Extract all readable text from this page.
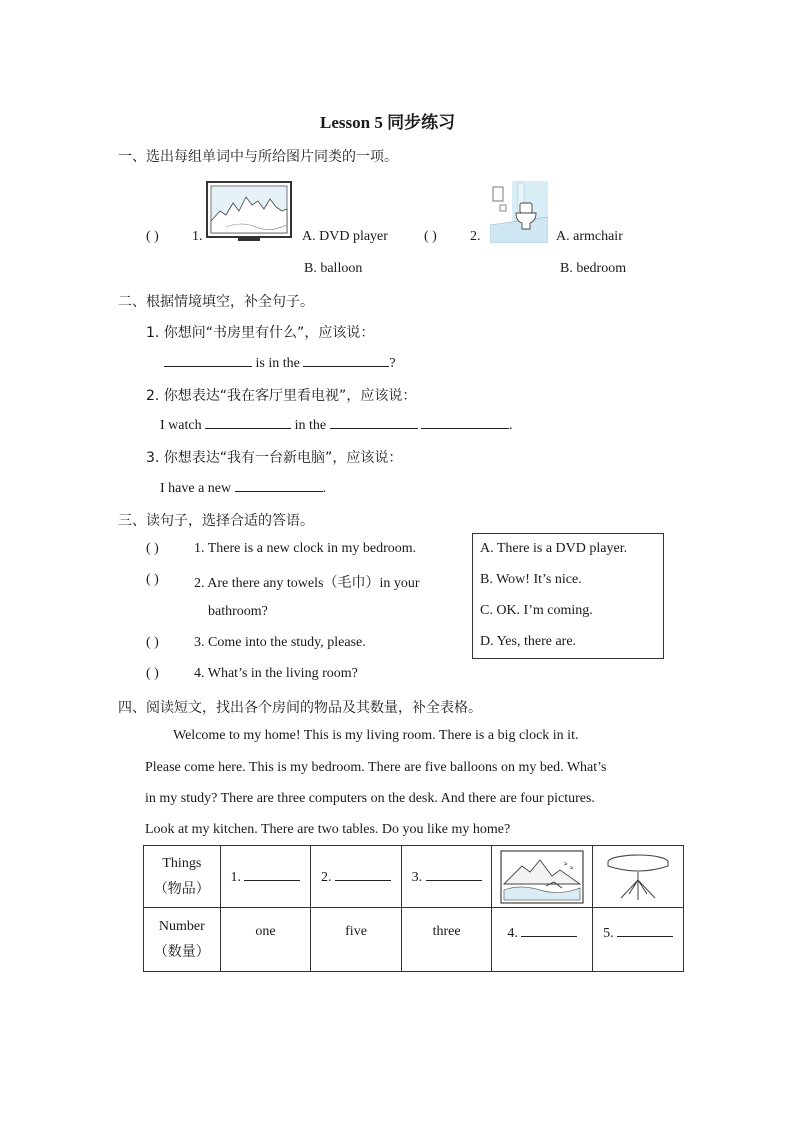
Lesson 5 同步练习
一、选出每组单词中与所给图片同类的一项。
( ) 1.	A. DVD player
B. balloon
( ) 2.	A. armchair
B. bedroom
二、根据情境填空，补全句子。
1. 你想问“书房里有什么”，应该说：
is in the	?
2. 你想表达“我在客厅里看电视”，应该说：
I watch	in the	.
3. 你想表达“我有一台新电脑”，应该说：
I have a new	.
三、读句子，选择合适的答语。
( )	1. There is a new clock in my bedroom.
( )	2. Are there any towels（毛巾）in your
bathroom?
( )	3. Come into the study, please.
( )	4. What’s in the living room?
A. There is a DVD player.
B. Wow! It’s nice.
C. OK. I’m coming.
D. Yes, there are.
四、阅读短文，找出各个房间的物品及其数量，补全表格。
Welcome to my home! This is my living room. There is a big clock in it.
Please come here. This is my bedroom. There are five balloons on my bed. What’s
in my study? There are three computers on the desk. And there are four pictures.
Look at my kitchen. There are two tables. Do you like my home?
Things
（物品）	1.	2.	3.	

Number
（数量）	one	five	three	4.	5.
